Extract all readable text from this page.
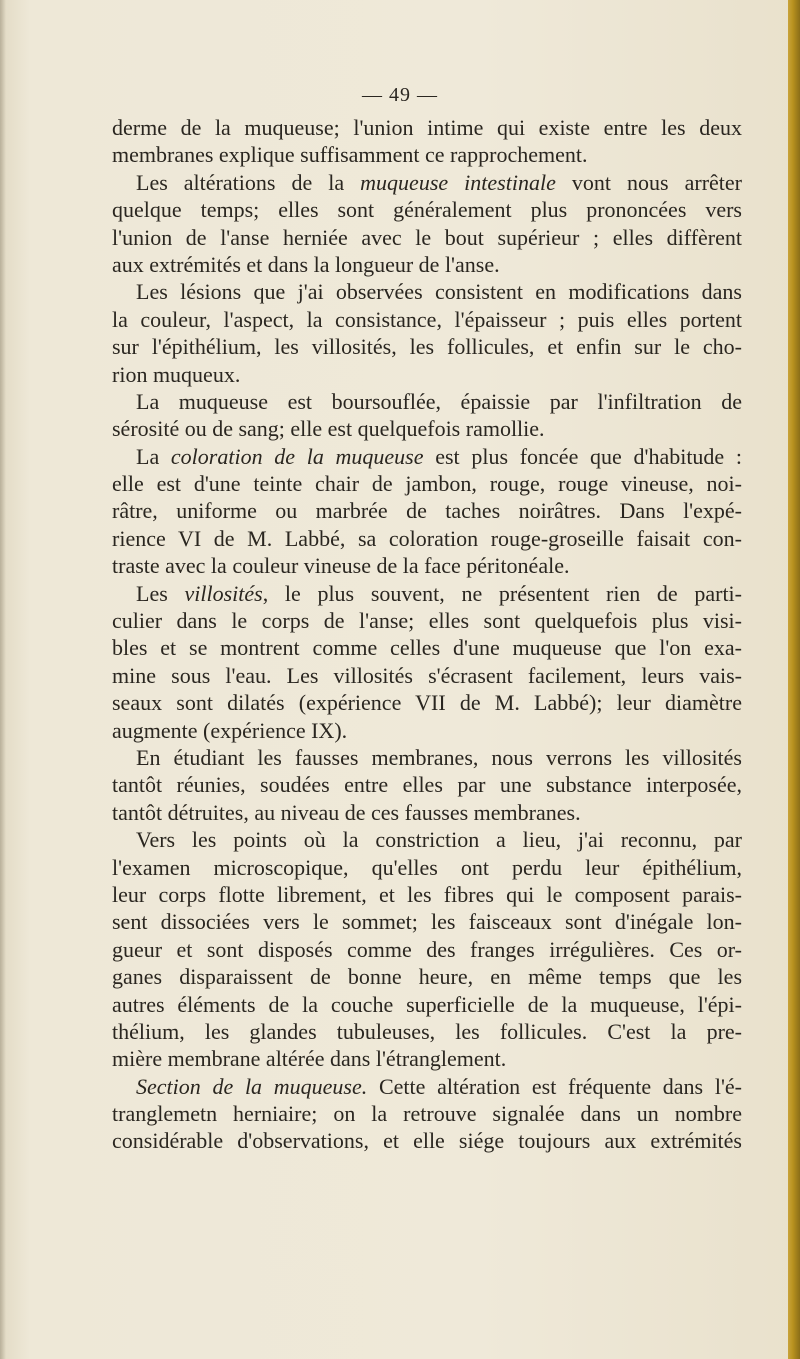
— 49 —
derme de la muqueuse; l'union intime qui existe entre les deux
membranes explique suffisamment ce rapprochement.
Les altérations de la muqueuse intestinale vont nous arrêter
quelque temps; elles sont généralement plus prononcées vers
l'union de l'anse herniée avec le bout supérieur ; elles diffèrent
aux extrémités et dans la longueur de l'anse.
Les lésions que j'ai observées consistent en modifications dans
la couleur, l'aspect, la consistance, l'épaisseur ; puis elles portent
sur l'épithélium, les villosités, les follicules, et enfin sur le cho-
rion muqueux.
La muqueuse est boursouflée, épaissie par l'infiltration de
sérosité ou de sang; elle est quelquefois ramollie.
La coloration de la muqueuse est plus foncée que d'habitude :
elle est d'une teinte chair de jambon, rouge, rouge vineuse, noi-
râtre, uniforme ou marbrée de taches noirâtres. Dans l'expé-
rience VI de M. Labbé, sa coloration rouge-groseille faisait con-
traste avec la couleur vineuse de la face péritonéale.
Les villosités, le plus souvent, ne présentent rien de parti-
culier dans le corps de l'anse; elles sont quelquefois plus visi-
bles et se montrent comme celles d'une muqueuse que l'on exa-
mine sous l'eau. Les villosités s'écrasent facilement, leurs vais-
seaux sont dilatés (expérience VII de M. Labbé); leur diamètre
augmente (expérience IX).
En étudiant les fausses membranes, nous verrons les villosités
tantôt réunies, soudées entre elles par une substance interposée,
tantôt détruites, au niveau de ces fausses membranes.
Vers les points où la constriction a lieu, j'ai reconnu, par
l'examen microscopique, qu'elles ont perdu leur épithélium,
leur corps flotte librement, et les fibres qui le composent parais-
sent dissociées vers le sommet; les faisceaux sont d'inégale lon-
gueur et sont disposés comme des franges irrégulières. Ces or-
ganes disparaissent de bonne heure, en même temps que les
autres éléments de la couche superficielle de la muqueuse, l'épi-
thélium, les glandes tubuleuses, les follicules. C'est la pre-
mière membrane altérée dans l'étranglement.
Section de la muqueuse. Cette altération est fréquente dans l'é-
tranglemetn herniaire; on la retrouve signalée dans un nombre
considérable d'observations, et elle siége toujours aux extrémités
